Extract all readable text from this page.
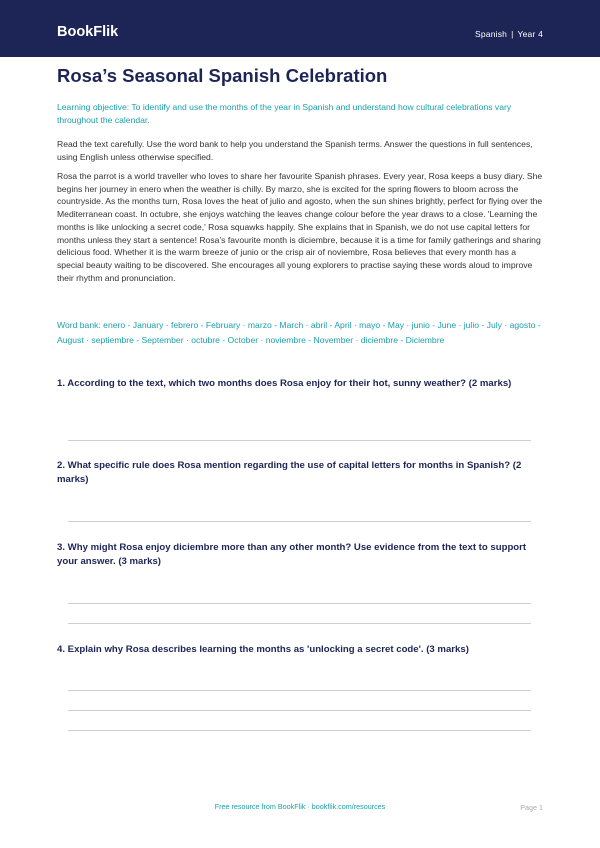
BookFlik	Spanish | Year 4
Rosa’s Seasonal Spanish Celebration

Learning objective: To identify and use the months of the year in Spanish and understand how cultural celebrations vary throughout the calendar.

Read the text carefully. Use the word bank to help you understand the Spanish terms. Answer the questions in full sentences, using English unless otherwise specified.

Rosa the parrot is a world traveller who loves to share her favourite Spanish phrases. Every year, Rosa keeps a busy diary. She begins her journey in enero when the weather is chilly. By marzo, she is excited for the spring flowers to bloom across the countryside. As the months turn, Rosa loves the heat of julio and agosto, when the sun shines brightly, perfect for flying over the Mediterranean coast. In octubre, she enjoys watching the leaves change colour before the year draws to a close. 'Learning the months is like unlocking a secret code,' Rosa squawks happily. She explains that in Spanish, we do not use capital letters for months unless they start a sentence! Rosa’s favourite month is diciembre, because it is a time for family gatherings and sharing delicious food. Whether it is the warm breeze of junio or the crisp air of noviembre, Rosa believes that every month has a special beauty waiting to be discovered. She encourages all young explorers to practise saying these words aloud to improve their rhythm and pronunciation.

Word bank: enero - January · febrero - February · marzo - March · abril - April · mayo - May · junio - June · julio - July · agosto - August · septiembre - September · octubre - October · noviembre - November · diciembre - Diciembre

1. According to the text, which two months does Rosa enjoy for their hot, sunny weather? (2 marks)
2. What specific rule does Rosa mention regarding the use of capital letters for months in Spanish? (2 marks)
3. Why might Rosa enjoy diciembre more than any other month? Use evidence from the text to support your answer. (3 marks)
4. Explain why Rosa describes learning the months as 'unlocking a secret code'. (3 marks)
Free resource from BookFlik · bookflik.com/resources	Page 1
